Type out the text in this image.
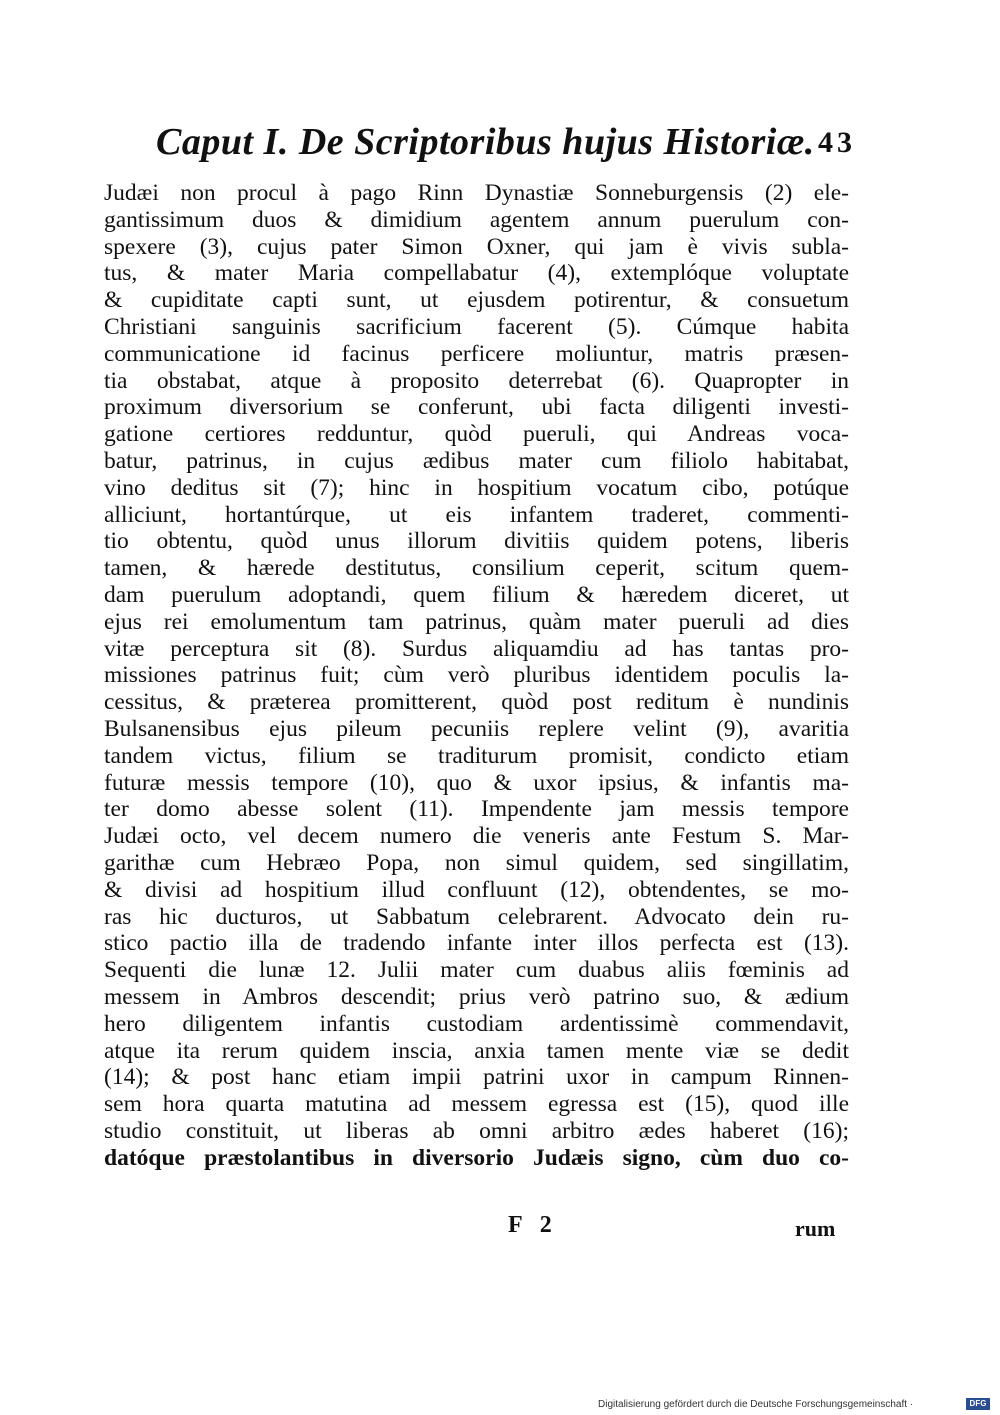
Caput I. De Scriptoribus hujus Historiæ. 43
Judæi non procul à pago Rinn Dynastiæ Sonneburgensis (2) ele-
gantissimum duos & dimidium agentem annum puerulum con-
spexere (3), cujus pater Simon Oxner, qui jam è vivis subla-
tus, & mater Maria compellabatur (4), extemplóque voluptate
& cupiditate capti sunt, ut ejusdem potirentur, & consuetum
Christiani sanguinis sacrificium facerent (5). Cúmque habita
communicatione id facinus perficere moliuntur, matris præsen-
tia obstabat, atque à proposito deterrebat (6). Quapropter in
proximum diversorium se conferunt, ubi facta diligenti investi-
gatione certiores redduntur, quòd pueruli, qui Andreas voca-
batur, patrinus, in cujus ædibus mater cum filiolo habitabat,
vino deditus sit (7); hinc in hospitium vocatum cibo, potúque
alliciunt, hortantúrque, ut eis infantem traderet, commenti-
tio obtentu, quòd unus illorum divitiis quidem potens, liberis
tamen, & hærede destitutus, consilium ceperit, scitum quem-
dam puerulum adoptandi, quem filium & hæredem diceret, ut
ejus rei emolumentum tam patrinus, quàm mater pueruli ad dies
vitæ perceptura sit (8). Surdus aliquamdiu ad has tantas pro-
missiones patrinus fuit; cùm verò pluribus identidem poculis la-
cessitus, & præterea promitterent, quòd post reditum è nundinis
Bulsanensibus ejus pileum pecuniis replere velint (9), avaritia
tandem victus, filium se traditurum promisit, condicto etiam
futuræ messis tempore (10), quo & uxor ipsius, & infantis ma-
ter domo abesse solent (11). Impendente jam messis tempore
Judæi octo, vel decem numero die veneris ante Festum S. Mar-
garithæ cum Hebræo Popa, non simul quidem, sed singillatim,
& divisi ad hospitium illud confluunt (12), obtendentes, se mo-
ras hic ducturos, ut Sabbatum celebrarent. Advocato dein ru-
stico pactio illa de tradendo infante inter illos perfecta est (13).
Sequenti die lunæ 12. Julii mater cum duabus aliis fœminis ad
messem in Ambros descendit; prius verò patrino suo, & ædium
hero diligentem infantis custodiam ardentissimè commendavit,
atque ita rerum quidem inscia, anxia tamen mente viæ se dedit
(14); & post hanc etiam impii patrini uxor in campum Rinnen-
sem hora quarta matutina ad messem egressa est (15), quod ille
studio constituit, ut liberas ab omni arbitro ædes haberet (16);
datóque præstolantibus in diversorio Judæis signo, cùm duo co-
F 2	rum
Digitalisierung gefördert durch die Deutsche Forschungsgemeinschaft ·	DFG
